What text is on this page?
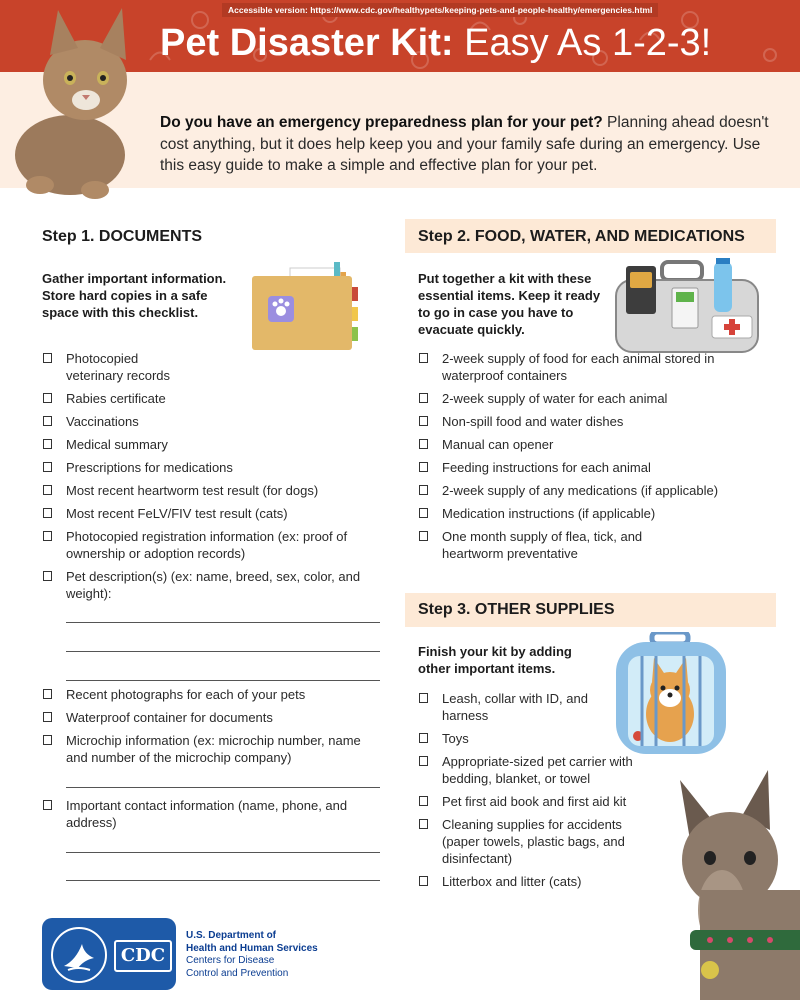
Accessible version: https://www.cdc.gov/healthypets/keeping-pets-and-people-healthy/emergencies.html
Pet Disaster Kit: Easy As 1-2-3!
Do you have an emergency preparedness plan for your pet? Planning ahead doesn't cost anything, but it does help keep you and your family safe during an emergency. Use this easy guide to make a simple and effective plan for your pet.
Step 1. DOCUMENTS
Gather important information. Store hard copies in a safe space with this checklist.
Photocopied veterinary records
Rabies certificate
Vaccinations
Medical summary
Prescriptions for medications
Most recent heartworm test result (for dogs)
Most recent FeLV/FIV test result (cats)
Photocopied registration information (ex: proof of ownership or adoption records)
Pet description(s) (ex: name, breed, sex, color, and weight):
Recent photographs for each of your pets
Waterproof container for documents
Microchip information (ex: microchip number, name and number of the microchip company)
Important contact information (name, phone, and address)
Step 2. FOOD, WATER, AND MEDICATIONS
Put together a kit with these essential items. Keep it ready to go in case you have to evacuate quickly.
2-week supply of food for each animal stored in waterproof containers
2-week supply of water for each animal
Non-spill food and water dishes
Manual can opener
Feeding instructions for each animal
2-week supply of any medications (if applicable)
Medication instructions (if applicable)
One month supply of flea, tick, and heartworm preventative
Step 3. OTHER SUPPLIES
Finish your kit by adding other important items.
Leash, collar with ID, and harness
Toys
Appropriate-sized pet carrier with bedding, blanket, or towel
Pet first aid book and first aid kit
Cleaning supplies for accidents (paper towels, plastic bags, and disinfectant)
Litterbox and litter (cats)
CDC
U.S. Department of
Health and Human Services
Centers for Disease
Control and Prevention
